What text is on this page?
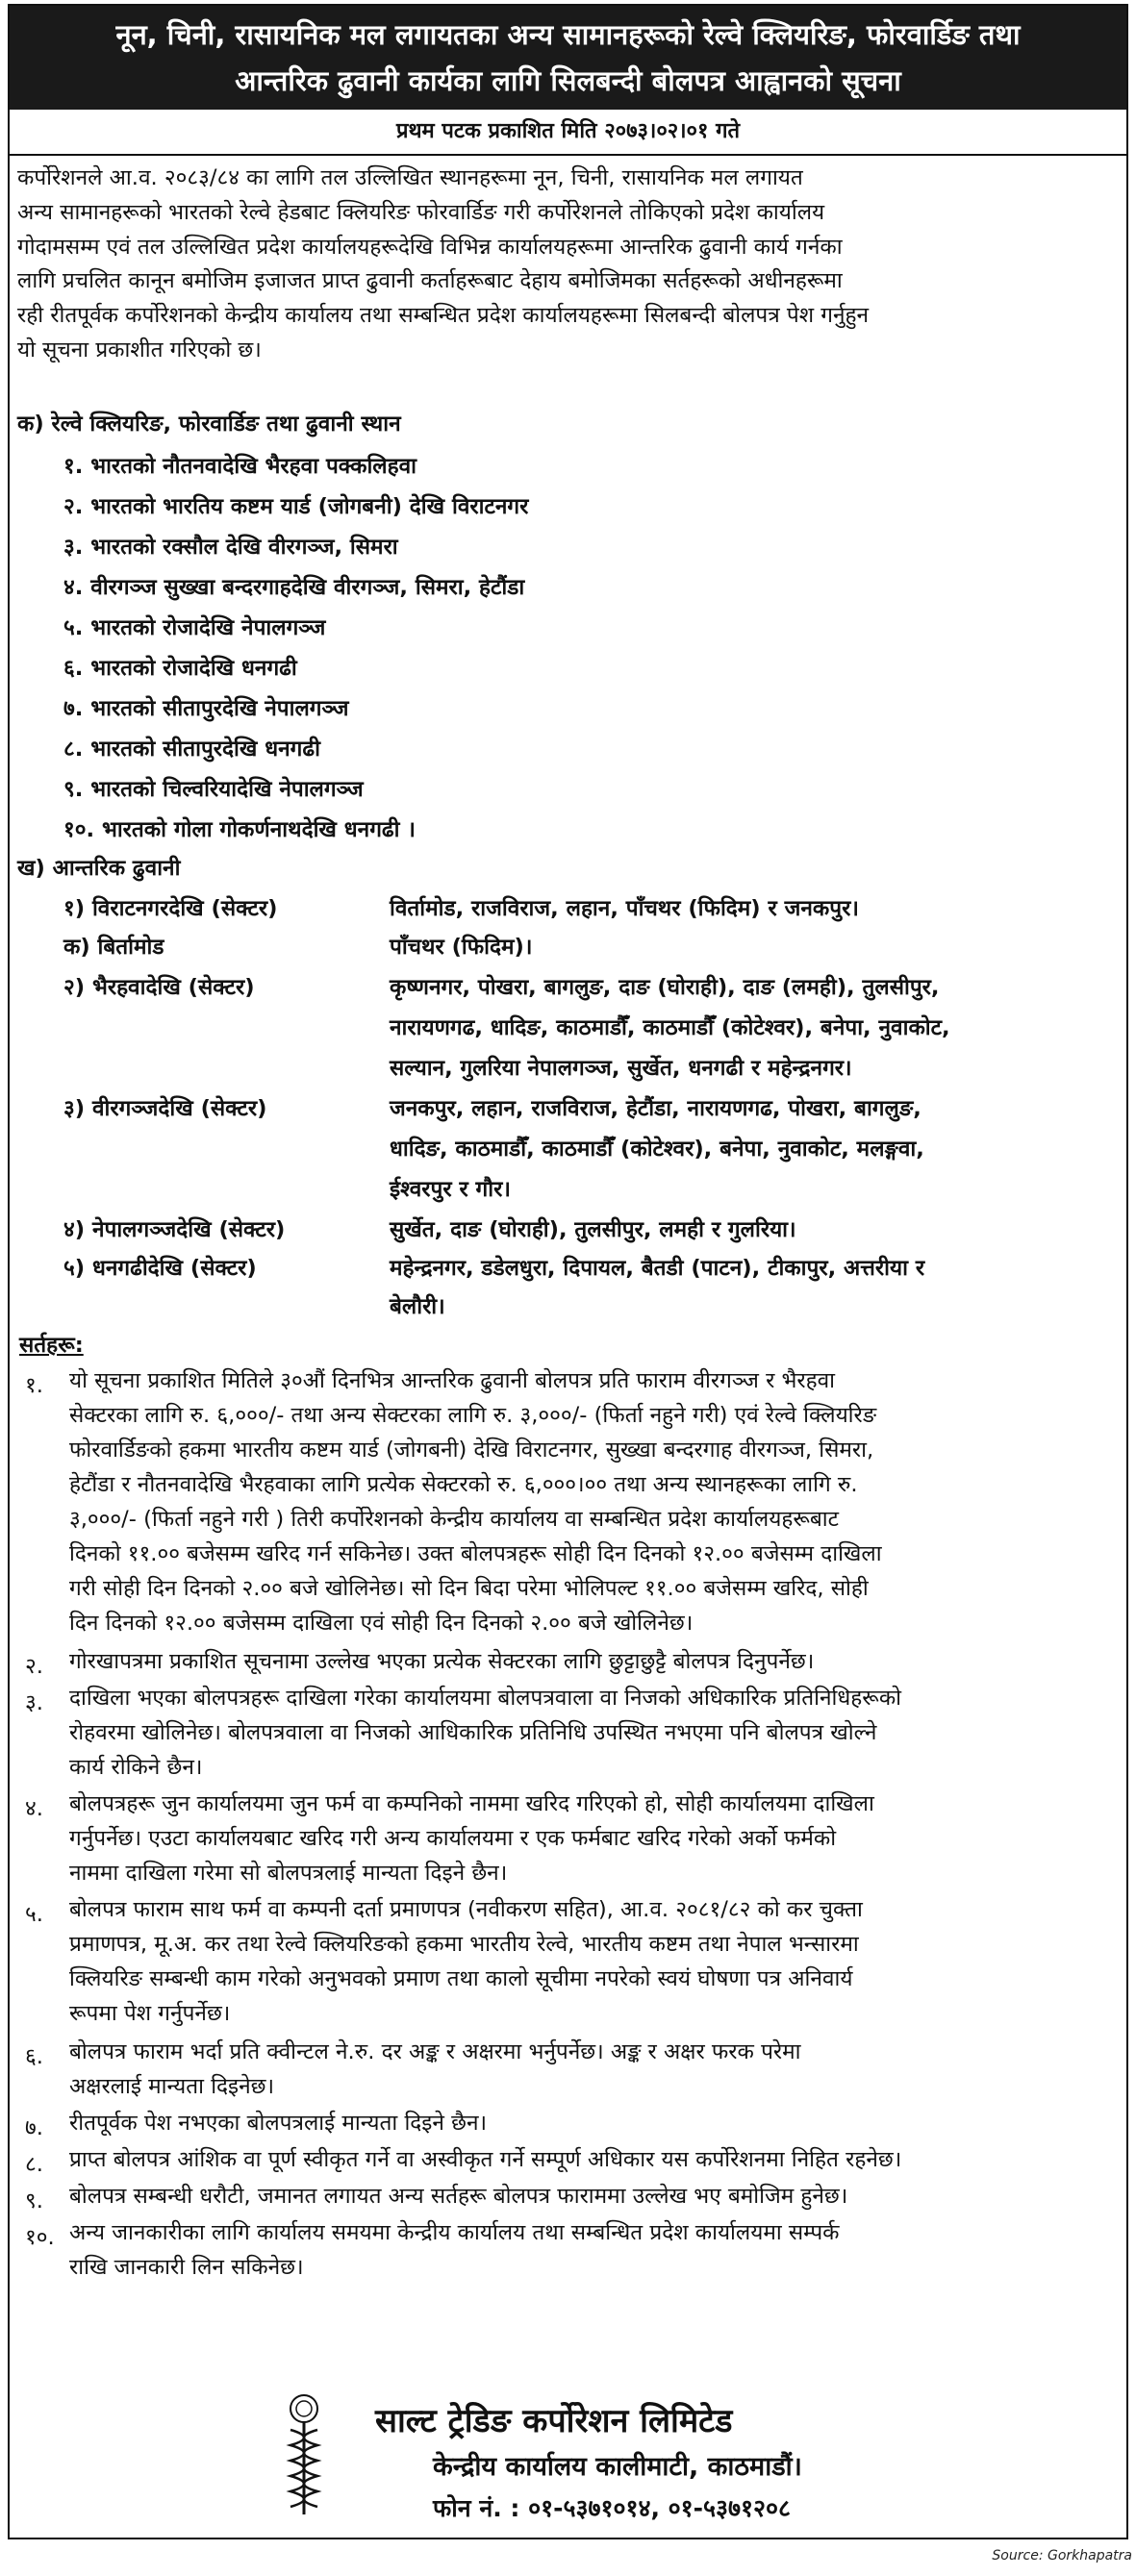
नून, चिनी, रासायनिक मल लगायतका अन्य सामानहरूको रेल्वे क्लियरिङ, फोरवार्डिङ तथा
आन्तरिक ढुवानी कार्यका लागि सिलबन्दी बोलपत्र आह्वानको सूचना
प्रथम पटक प्रकाशित मिति २०७३।०२।०१ गते
कर्पोरेशनले आ.व. २०८३/८४ का लागि तल उल्लिखित स्थानहरूमा नून, चिनी, रासायनिक मल लगायत
अन्य सामानहरूको भारतको रेल्वे हेडबाट क्लियरिङ फोरवार्डिङ गरी कर्पोरेशनले तोकिएको प्रदेश कार्यालय
गोदामसम्म एवं तल उल्लिखित प्रदेश कार्यालयहरूदेखि विभिन्न कार्यालयहरूमा आन्तरिक ढुवानी कार्य गर्नका
लागि प्रचलित कानून बमोजिम इजाजत प्राप्त ढुवानी कर्ताहरूबाट देहाय बमोजिमका सर्तहरूको अधीनहरूमा
रही रीतपूर्वक कर्पोरेशनको केन्द्रीय कार्यालय तथा सम्बन्धित प्रदेश कार्यालयहरूमा सिलबन्दी बोलपत्र पेश गर्नुहुन
यो सूचना प्रकाशीत गरिएको छ।
क) रेल्वे क्लियरिङ, फोरवार्डिङ तथा ढुवानी स्थान
१. भारतको नौतनवादेखि भैरहवा पक्कलिहवा
२. भारतको भारतिय कष्टम यार्ड (जोगबनी) देखि विराटनगर
३. भारतको रक्सौल देखि वीरगञ्ज, सिमरा
४. वीरगञ्ज सुख्खा बन्दरगाहदेखि वीरगञ्ज, सिमरा, हेटौंडा
५. भारतको रोजादेखि नेपालगञ्ज
६. भारतको रोजादेखि धनगढी
७. भारतको सीतापुरदेखि नेपालगञ्ज
८. भारतको सीतापुरदेखि धनगढी
९. भारतको चिल्वरियादेखि नेपालगञ्ज
१०. भारतको गोला गोकर्णनाथदेखि धनगढी ।
ख) आन्तरिक ढुवानी
१) विराटनगरदेखि (सेक्टर)	विर्तामोड, राजविराज, लहान, पाँचथर (फिदिम) र जनकपुर।
क) बिर्तामोड	पाँचथर (फिदिम)।
२) भैरहवादेखि (सेक्टर)	कृष्णनगर, पोखरा, बागलुङ, दाङ (घोराही), दाङ (लमही), तुलसीपुर,
नारायणगढ, धादिङ, काठमाडौँ, काठमाडौँ (कोटेश्वर), बनेपा, नुवाकोट,
सल्यान, गुलरिया नेपालगञ्ज, सुर्खेत, धनगढी र महेन्द्रनगर।
३) वीरगञ्जदेखि (सेक्टर)	जनकपुर, लहान, राजविराज, हेटौंडा, नारायणगढ, पोखरा, बागलुङ,
धादिङ, काठमाडौँ, काठमाडौँ (कोटेश्वर), बनेपा, नुवाकोट, मलङ्गवा,
ईश्वरपुर र गौर।
४) नेपालगञ्जदेखि (सेक्टर)	सुर्खेत, दाङ (घोराही), तुलसीपुर, लमही र गुलरिया।
५) धनगढीदेखि (सेक्टर)	महेन्द्रनगर, डडेलधुरा, दिपायल, बैतडी (पाटन), टीकापुर, अत्तरीया र
बेलौरी।
सर्तहरू:
१. यो सूचना प्रकाशित मितिले ३०औं दिनभित्र आन्तरिक ढुवानी बोलपत्र प्रति फाराम वीरगञ्ज र भैरहवा
सेक्टरका लागि रु. ६,०००/- तथा अन्य सेक्टरका लागि रु. ३,०००/- (फिर्ता नहुने गरी) एवं रेल्वे क्लियरिङ
फोरवार्डिङको हकमा भारतीय कष्टम यार्ड (जोगबनी) देखि विराटनगर, सुख्खा बन्दरगाह वीरगञ्ज, सिमरा,
हेटौंडा र नौतनवादेखि भैरहवाका लागि प्रत्येक सेक्टरको रु. ६,०००।०० तथा अन्य स्थानहरूका लागि रु.
३,०००/- (फिर्ता नहुने गरी ) तिरी कर्पोरेशनको केन्द्रीय कार्यालय वा सम्बन्धित प्रदेश कार्यालयहरूबाट
दिनको ११.०० बजेसम्म खरिद गर्न सकिनेछ। उक्त बोलपत्रहरू सोही दिन दिनको १२.०० बजेसम्म दाखिला
गरी सोही दिन दिनको २.०० बजे खोलिनेछ। सो दिन बिदा परेमा भोलिपल्ट ११.०० बजेसम्म खरिद, सोही
दिन दिनको १२.०० बजेसम्म दाखिला एवं सोही दिन दिनको २.०० बजे खोलिनेछ।
२. गोरखापत्रमा प्रकाशित सूचनामा उल्लेख भएका प्रत्येक सेक्टरका लागि छुट्टाछुट्टै बोलपत्र दिनुपर्नेछ।
३. दाखिला भएका बोलपत्रहरू दाखिला गरेका कार्यालयमा बोलपत्रवाला वा निजको अधिकारिक प्रतिनिधिहरूको
रोहवरमा खोलिनेछ। बोलपत्रवाला वा निजको आधिकारिक प्रतिनिधि उपस्थित नभएमा पनि बोलपत्र खोल्ने
कार्य रोकिने छैन।
४. बोलपत्रहरू जुन कार्यालयमा जुन फर्म वा कम्पनिको नाममा खरिद गरिएको हो, सोही कार्यालयमा दाखिला
गर्नुपर्नेछ। एउटा कार्यालयबाट खरिद गरी अन्य कार्यालयमा र एक फर्मबाट खरिद गरेको अर्को फर्मको
नाममा दाखिला गरेमा सो बोलपत्रलाई मान्यता दिइने छैन।
५. बोलपत्र फाराम साथ फर्म वा कम्पनी दर्ता प्रमाणपत्र (नवीकरण सहित), आ.व. २०८१/८२ को कर चुक्ता
प्रमाणपत्र, मू.अ. कर तथा रेल्वे क्लियरिङको हकमा भारतीय रेल्वे, भारतीय कष्टम तथा नेपाल भन्सारमा
क्लियरिङ सम्बन्धी काम गरेको अनुभवको प्रमाण तथा कालो सूचीमा नपरेको स्वयं घोषणा पत्र अनिवार्य
रूपमा पेश गर्नुपर्नेछ।
६. बोलपत्र फाराम भर्दा प्रति क्वीन्टल ने.रु. दर अङ्क र अक्षरमा भर्नुपर्नेछ। अङ्क र अक्षर फरक परेमा
अक्षरलाई मान्यता दिइनेछ।
७. रीतपूर्वक पेश नभएका बोलपत्रलाई मान्यता दिइने छैन।
८. प्राप्त बोलपत्र आंशिक वा पूर्ण स्वीकृत गर्ने वा अस्वीकृत गर्ने सम्पूर्ण अधिकार यस कर्पोरेशनमा निहित रहनेछ।
९. बोलपत्र सम्बन्धी धरौटी, जमानत लगायत अन्य सर्तहरू बोलपत्र फाराममा उल्लेख भए बमोजिम हुनेछ।
१०. अन्य जानकारीका लागि कार्यालय समयमा केन्द्रीय कार्यालय तथा सम्बन्धित प्रदेश कार्यालयमा सम्पर्क
राखि जानकारी लिन सकिनेछ।
साल्ट ट्रेडिङ कर्पोरेशन लिमिटेड
केन्द्रीय कार्यालय कालीमाटी, काठमाडौं।
फोन नं. : ०१-५३७१०१४, ०१-५३७१२०८
Source: Gorkhapatra
